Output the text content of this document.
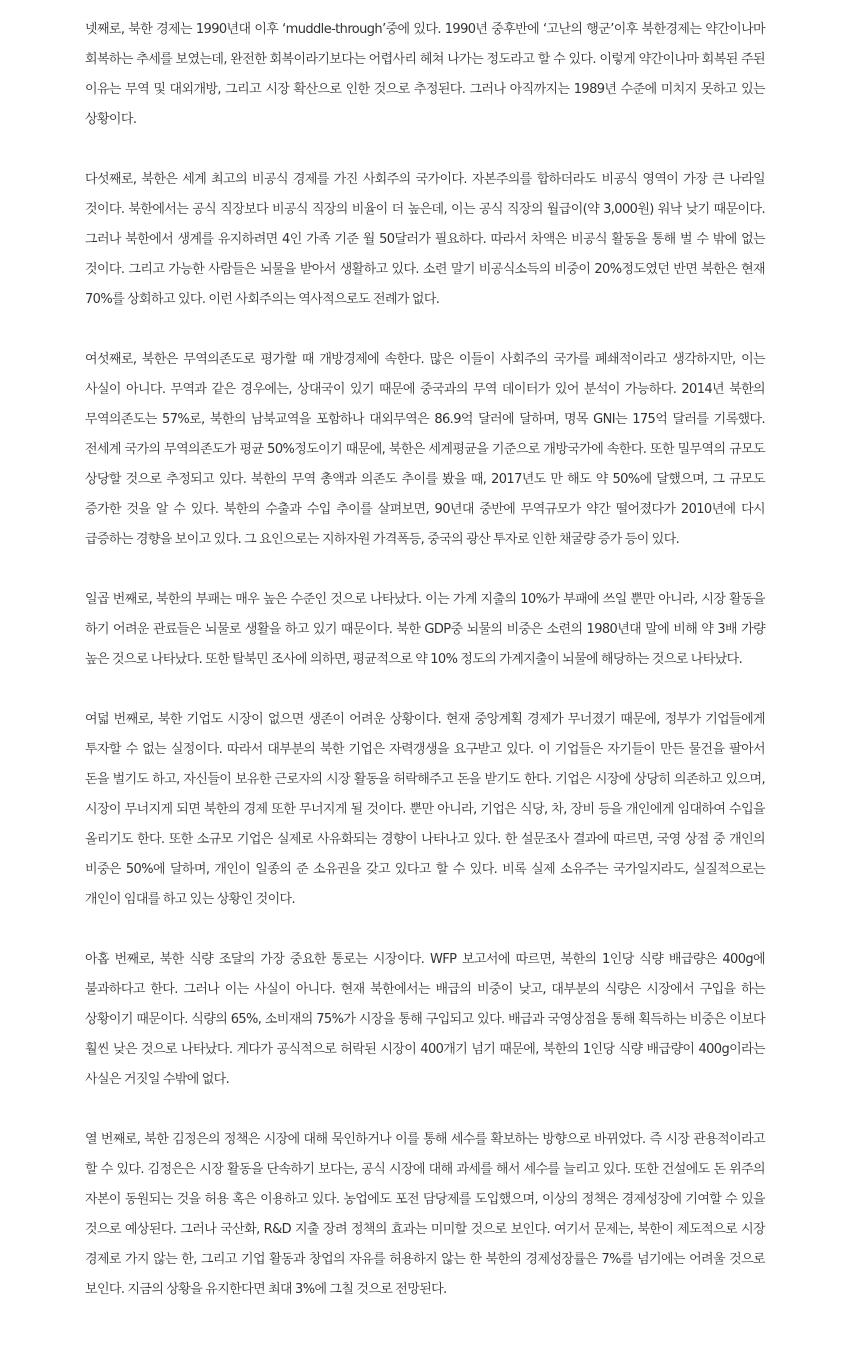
넷째로, 북한 경제는 1990년대 이후 ‘muddle-through’중에 있다. 1990년 중후반에 ‘고난의 행군’이후 북한경제는 약간이나마 회복하는 추세를 보였는데, 완전한 회복이라기보다는 어렵사리 헤쳐 나가는 정도라고 할 수 있다. 이렇게 약간이나마 회복된 주된 이유는 무역 및 대외개방, 그리고 시장 확산으로 인한 것으로 추정된다. 그러나 아직까지는 1989년 수준에 미치지 못하고 있는 상황이다.

다섯째로, 북한은 세계 최고의 비공식 경제를 가진 사회주의 국가이다. 자본주의를 합하더라도 비공식 영역이 가장 큰 나라일 것이다. 북한에서는 공식 직장보다 비공식 직장의 비율이 더 높은데, 이는 공식 직장의 월급이(약 3,000원) 워낙 낮기 때문이다. 그러나 북한에서 생계를 유지하려면 4인 가족 기준 월 50달러가 필요하다. 따라서 차액은 비공식 활동을 통해 벌 수 밖에 없는 것이다. 그리고 가능한 사람들은 뇌물을 받아서 생활하고 있다. 소련 말기 비공식소득의 비중이 20%정도였던 반면 북한은 현재 70%를 상회하고 있다. 이런 사회주의는 역사적으로도 전례가 없다.

여섯째로, 북한은 무역의존도로 평가할 때 개방경제에 속한다. 많은 이들이 사회주의 국가를 폐쇄적이라고 생각하지만, 이는 사실이 아니다. 무역과 같은 경우에는, 상대국이 있기 때문에 중국과의 무역 데이터가 있어 분석이 가능하다. 2014년 북한의 무역의존도는 57%로, 북한의 남북교역을 포함하나 대외무역은 86.9억 달러에 달하며, 명목 GNI는 175억 달러를 기록했다. 전세계 국가의 무역의존도가 평균 50%정도이기 때문에, 북한은 세계평균을 기준으로 개방국가에 속한다. 또한 밀무역의 규모도 상당할 것으로 추정되고 있다. 북한의 무역 총액과 의존도 추이를 봤을 때, 2017년도 만 해도 약 50%에 달했으며, 그 규모도 증가한 것을 알 수 있다. 북한의 수출과 수입 추이를 살펴보면, 90년대 중반에 무역규모가 약간 떨어졌다가 2010년에 다시 급증하는 경향을 보이고 있다. 그 요인으로는 지하자원 가격폭등, 중국의 광산 투자로 인한 채굴량 증가 등이 있다.

일곱 번째로, 북한의 부패는 매우 높은 수준인 것으로 나타났다. 이는 가계 지출의 10%가 부패에 쓰일 뿐만 아니라, 시장 활동을 하기 어려운 관료들은 뇌물로 생활을 하고 있기 때문이다. 북한 GDP중 뇌물의 비중은 소련의 1980년대 말에 비해 약 3배 가량 높은 것으로 나타났다. 또한 탈북민 조사에 의하면, 평균적으로 약 10% 정도의 가계지출이 뇌물에 해당하는 것으로 나타났다.

여덟 번째로, 북한 기업도 시장이 없으면 생존이 어려운 상황이다. 현재 중앙계획 경제가 무너졌기 때문에, 정부가 기업들에게 투자할 수 없는 실정이다. 따라서 대부분의 북한 기업은 자력갱생을 요구받고 있다. 이 기업들은 자기들이 만든 물건을 팔아서 돈을 벌기도 하고, 자신들이 보유한 근로자의 시장 활동을 허락해주고 돈을 받기도 한다. 기업은 시장에 상당히 의존하고 있으며, 시장이 무너지게 되면 북한의 경제 또한 무너지게 될 것이다. 뿐만 아니라, 기업은 식당, 차, 장비 등을 개인에게 임대하여 수입을 올리기도 한다. 또한 소규모 기업은 실제로 사유화되는 경향이 나타나고 있다. 한 설문조사 결과에 따르면, 국영 상점 중 개인의 비중은 50%에 달하며, 개인이 일종의 준 소유권을 갖고 있다고 할 수 있다. 비록 실제 소유주는 국가일지라도, 실질적으로는 개인이 임대를 하고 있는 상황인 것이다.

아홉 번째로, 북한 식량 조달의 가장 중요한 통로는 시장이다. WFP 보고서에 따르면, 북한의 1인당 식량 배급량은 400g에 불과하다고 한다. 그러나 이는 사실이 아니다. 현재 북한에서는 배급의 비중이 낮고, 대부분의 식량은 시장에서 구입을 하는 상황이기 때문이다. 식량의 65%, 소비재의 75%가 시장을 통해 구입되고 있다. 배급과 국영상점을 통해 획득하는 비중은 이보다 훨씬 낮은 것으로 나타났다. 게다가 공식적으로 허락된 시장이 400개기 넘기 때문에, 북한의 1인당 식량 배급량이 400g이라는 사실은 거짓일 수밖에 없다.

열 번째로, 북한 김정은의 정책은 시장에 대해 묵인하거나 이를 통해 세수를 확보하는 방향으로 바뀌었다. 즉 시장 관용적이라고 할 수 있다. 김정은은 시장 활동을 단속하기 보다는, 공식 시장에 대해 과세를 해서 세수를 늘리고 있다. 또한 건설에도 돈 위주의 자본이 동원되는 것을 허용 혹은 이용하고 있다. 농업에도 포전 담당제를 도입했으며, 이상의 정책은 경제성장에 기여할 수 있을 것으로 예상된다. 그러나 국산화, R&D 지출 장려 정책의 효과는 미미할 것으로 보인다. 여기서 문제는, 북한이 제도적으로 시장 경제로 가지 않는 한, 그리고 기업 활동과 창업의 자유를 허용하지 않는 한 북한의 경제성장률은 7%를 넘기에는 어려울 것으로 보인다. 지금의 상황을 유지한다면 최대 3%에 그칠 것으로 전망된다.
